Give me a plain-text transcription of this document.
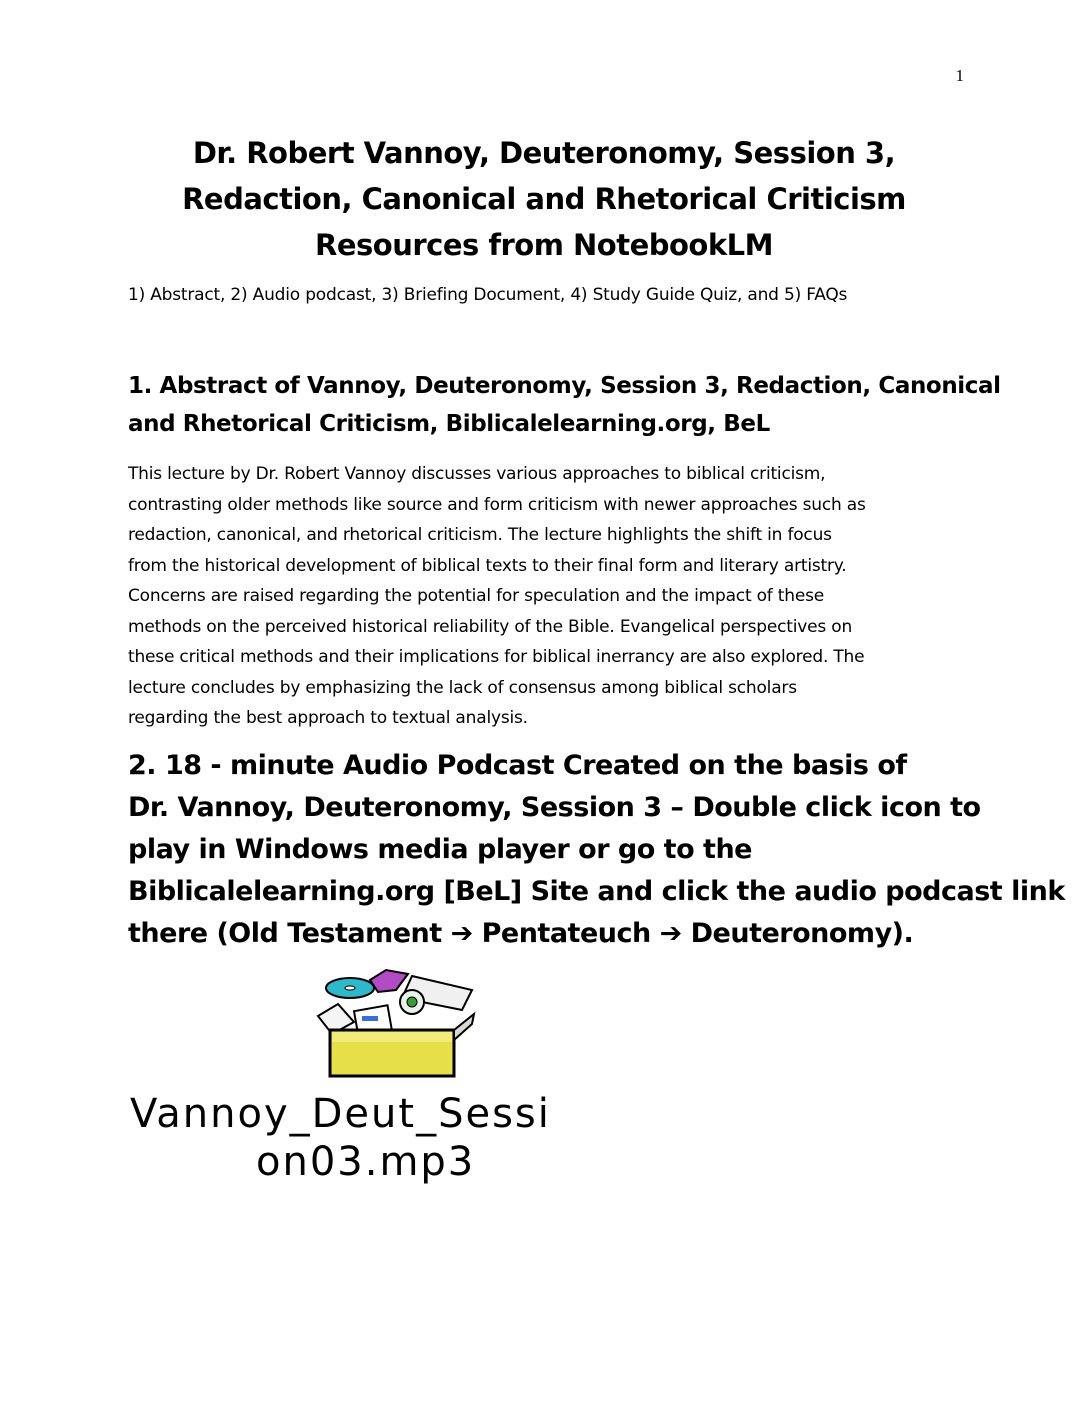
1
Dr. Robert Vannoy, Deuteronomy, Session 3,
Redaction, Canonical and Rhetorical Criticism
Resources from NotebookLM
1) Abstract, 2) Audio podcast, 3) Briefing Document, 4) Study Guide Quiz, and 5) FAQs
1. Abstract of Vannoy, Deuteronomy, Session 3, Redaction, Canonical
and Rhetorical Criticism, Biblicalelearning.org, BeL
This lecture by Dr. Robert Vannoy discusses various approaches to biblical criticism,
contrasting older methods like source and form criticism with newer approaches such as
redaction, canonical, and rhetorical criticism. The lecture highlights the shift in focus
from the historical development of biblical texts to their final form and literary artistry.
Concerns are raised regarding the potential for speculation and the impact of these
methods on the perceived historical reliability of the Bible. Evangelical perspectives on
these critical methods and their implications for biblical inerrancy are also explored. The
lecture concludes by emphasizing the lack of consensus among biblical scholars
regarding the best approach to textual analysis.
2. 18 - minute Audio Podcast Created on the basis of
Dr. Vannoy, Deuteronomy, Session 3 – Double click icon to
play in Windows media player or go to the
Biblicalelearning.org [BeL] Site and click the audio podcast link
there (Old Testament ➔ Pentateuch ➔ Deuteronomy).
Vannoy_Deut_Sessi
on03.mp3
